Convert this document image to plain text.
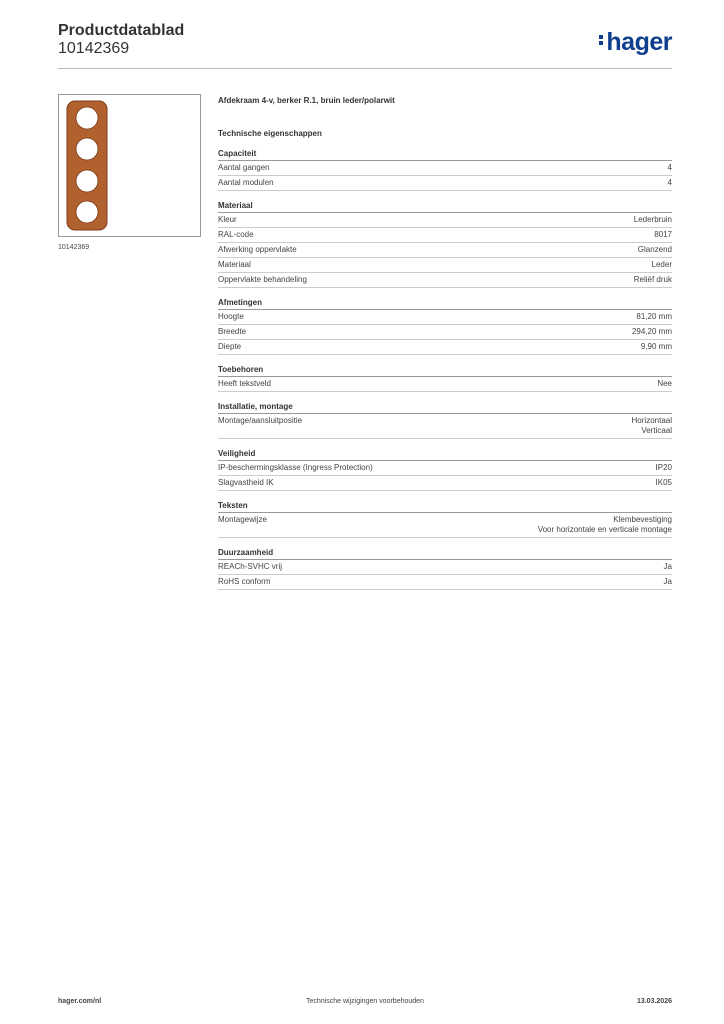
Productdatablad
10142369	hager
10142369
Afdekraam 4-v, berker R.1, bruin leder/polarwit
Technische eigenschappen
Capaciteit
Aantal gangen	4
Aantal modulen	4
Materiaal
Kleur	Lederbruin
RAL-code	8017
Afwerking oppervlakte	Glanzend
Materiaal	Leder
Oppervlakte behandeling	Reliëf druk
Afmetingen
Hoogte	81,20 mm
Breedte	294,20 mm
Diepte	9,90 mm
Toebehoren
Heeft tekstveld	Nee
Installatie, montage
Montage/aansluitpositie	Horizontaal
Verticaal
Veiligheid
IP-beschermingsklasse (Ingress Protection)	IP20
Slagvastheid IK	IK05
Teksten
Montagewijze	Klembevestiging
Voor horizontale en verticale montage
Duurzaamheid
REACh-SVHC vrij	Ja
RoHS conform	Ja
hager.com/nl	Technische wijzigingen voorbehouden	13.03.2026
